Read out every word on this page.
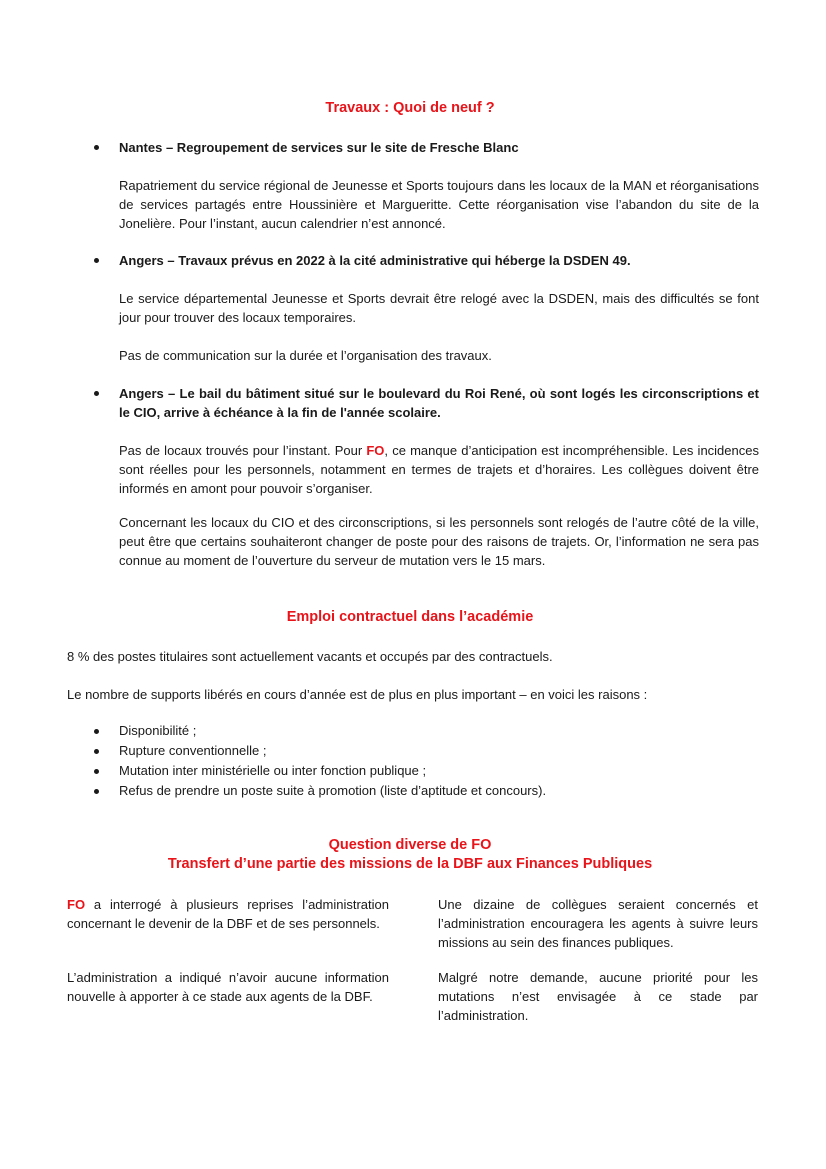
Travaux : Quoi de neuf ?
Nantes – Regroupement de services sur le site de Fresche Blanc

Rapatriement du service régional de Jeunesse et Sports toujours dans les locaux de la MAN et réorganisations de services partagés entre Houssinière et Margueritte. Cette réorganisation vise l’abandon du site de la Jonelière. Pour l’instant, aucun calendrier n’est annoncé.

Angers – Travaux prévus en 2022 à la cité administrative qui héberge la DSDEN 49.

Le service départemental Jeunesse et Sports devrait être relogé avec la DSDEN, mais des difficultés se font jour pour trouver des locaux temporaires.

Pas de communication sur la durée et l’organisation des travaux.

Angers – Le bail du bâtiment situé sur le boulevard du Roi René, où sont logés les circonscriptions et le CIO, arrive à échéance à la fin de l'année scolaire.

Pas de locaux trouvés pour l’instant. Pour FO, ce manque d’anticipation est incompréhensible. Les incidences sont réelles pour les personnels, notamment en termes de trajets et d’horaires. Les collègues doivent être informés en amont pour pouvoir s’organiser.

Concernant les locaux du CIO et des circonscriptions, si les personnels sont relogés de l’autre côté de la ville, peut être que certains souhaiteront changer de poste pour des raisons de trajets. Or, l’information ne sera pas connue au moment de l’ouverture du serveur de mutation vers le 15 mars.

Emploi contractuel dans l’académie

8 % des postes titulaires sont actuellement vacants et occupés par des contractuels.

Le nombre de supports libérés en cours d’année est de plus en plus important – en voici les raisons :

Disponibilité ;
Rupture conventionnelle ;
Mutation inter ministérielle ou inter fonction publique ;
Refus de prendre un poste suite à promotion (liste d’aptitude et concours).
Question diverse de FO
Transfert d’une partie des missions de la DBF aux Finances Publiques

FO a interrogé à plusieurs reprises l’administration concernant le devenir de la DBF et de ses personnels.

L’administration a indiqué n’avoir aucune information nouvelle à apporter à ce stade aux agents de la DBF.

Une dizaine de collègues seraient concernés et l’administration encouragera les agents à suivre leurs missions au sein des finances publiques.

Malgré notre demande, aucune priorité pour les mutations n’est envisagée à ce stade par l’administration.
